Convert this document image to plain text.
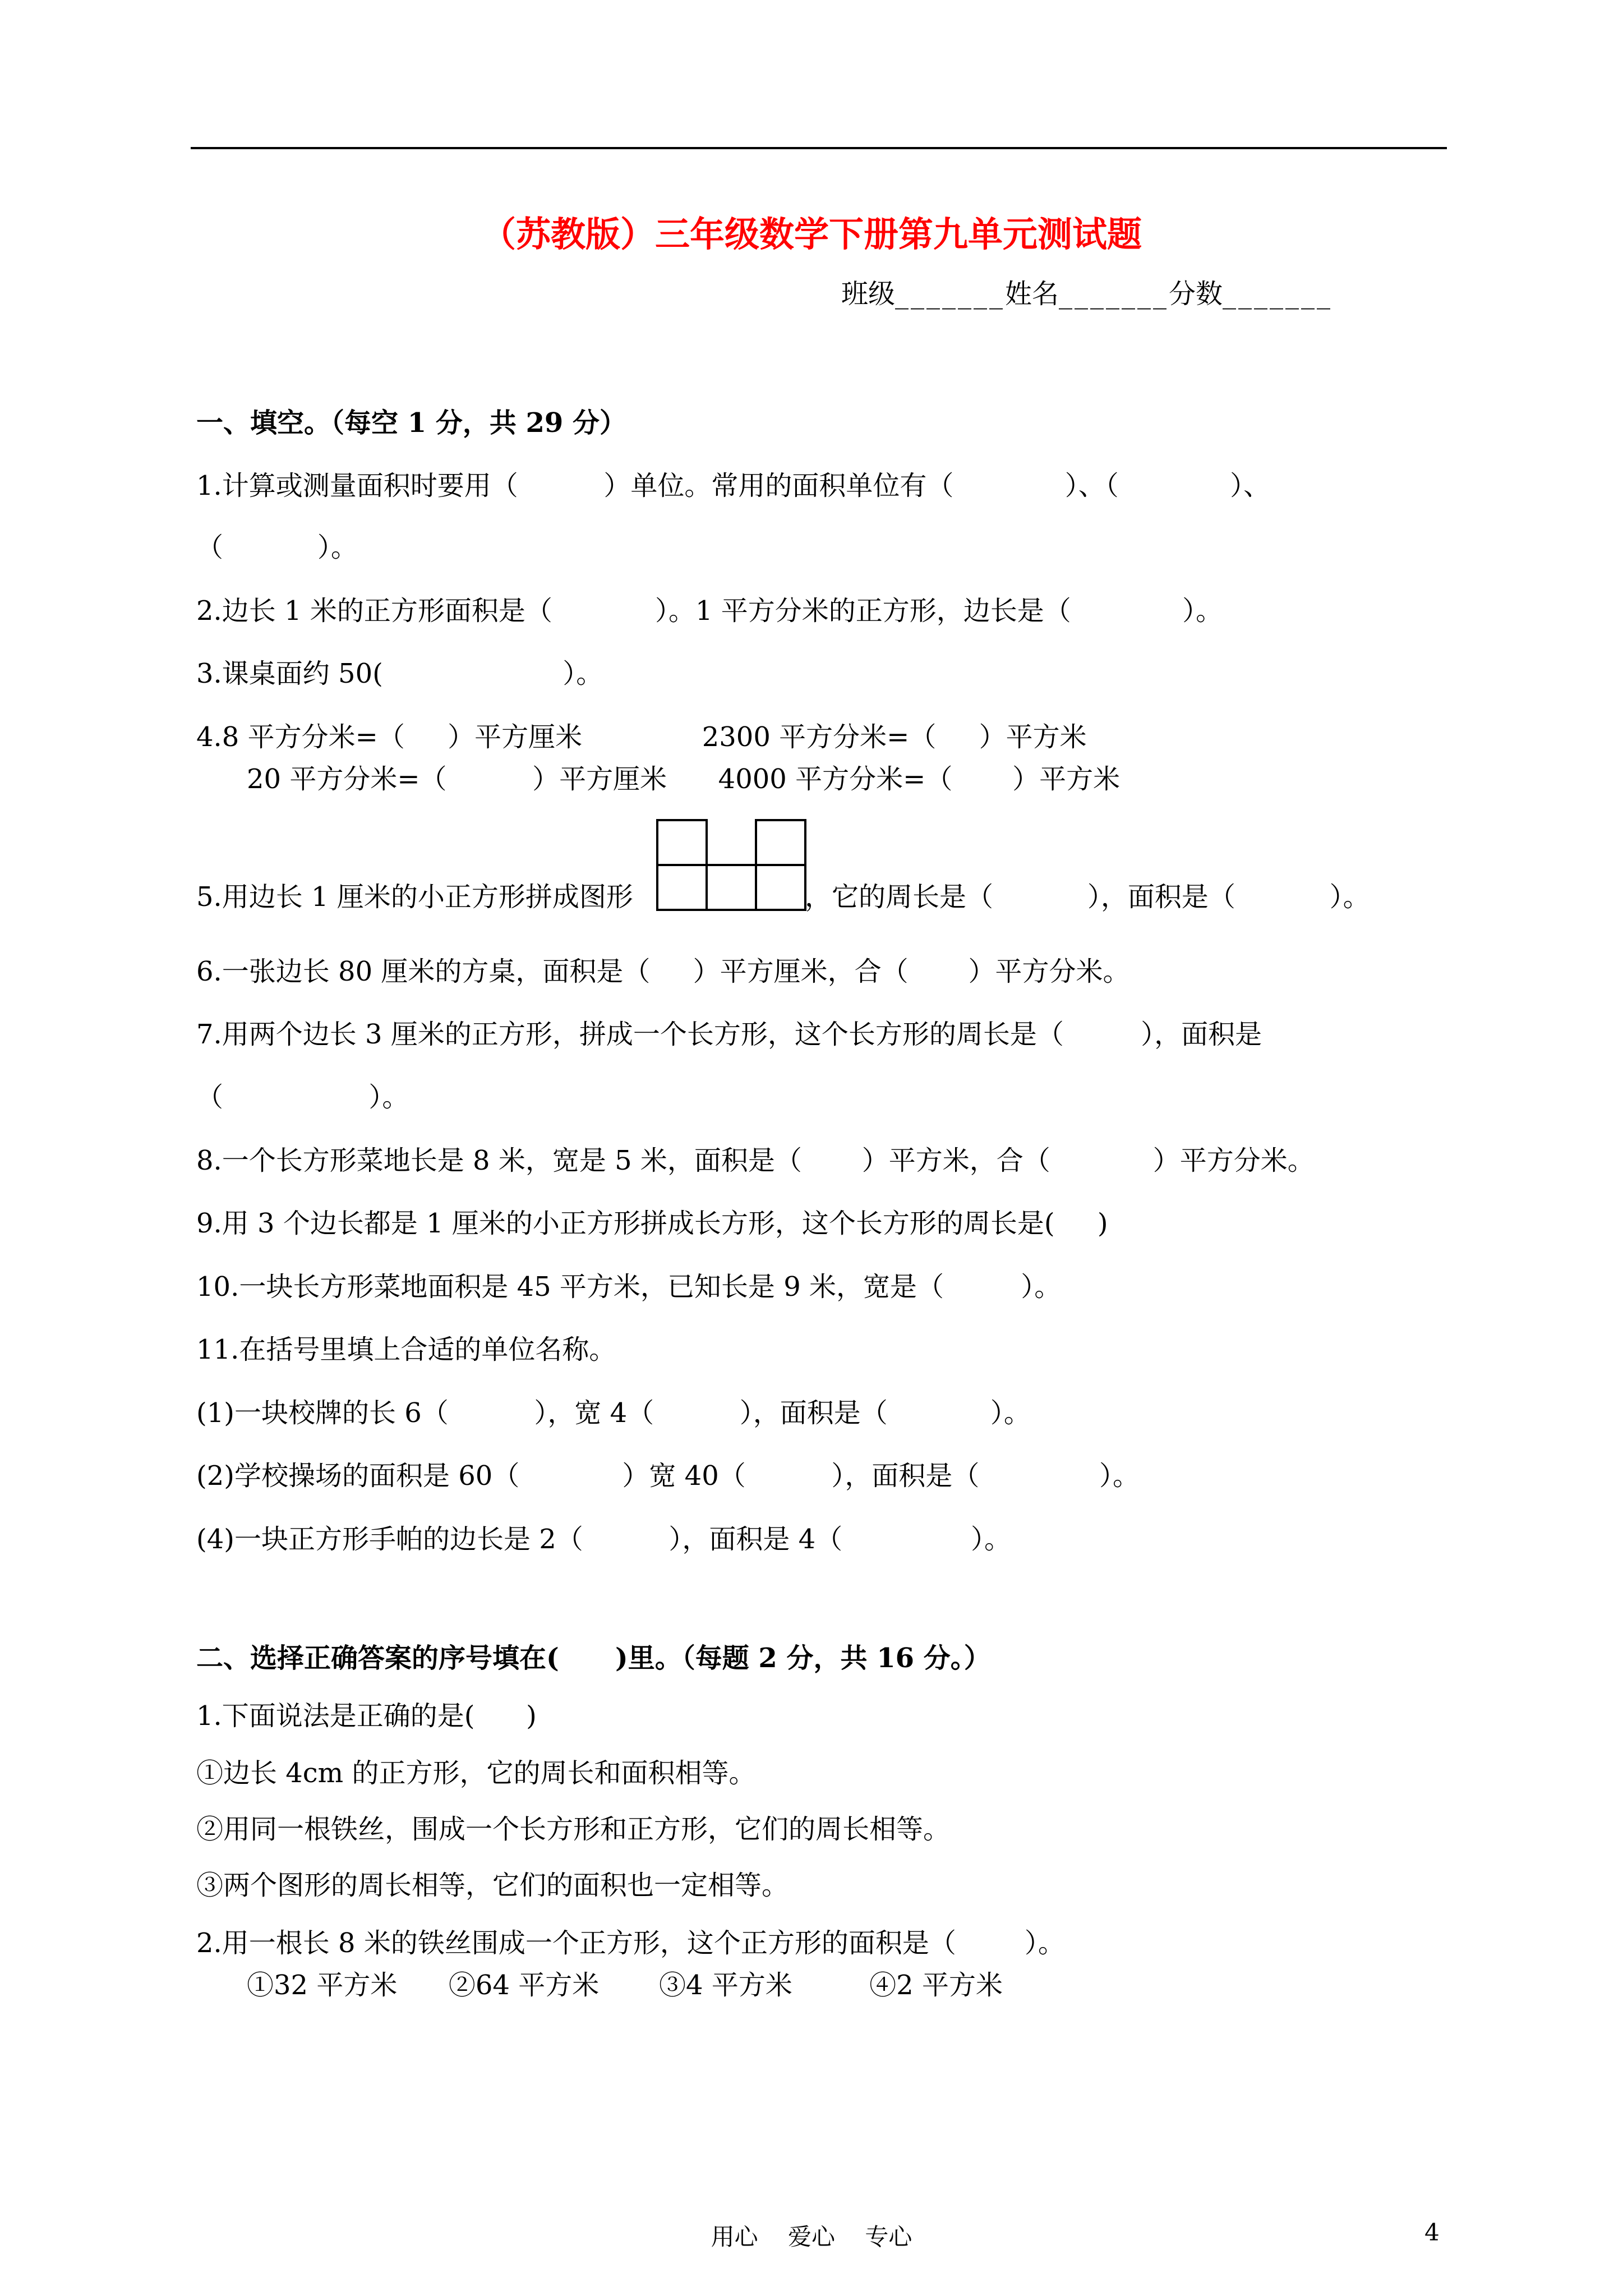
（苏教版）三年级数学下册第九单元测试题
班级_______姓名_______分数_______
一、填空。（每空 1 分，共 29 分）
1.计算或测量面积时要用（          ）单位。常用的面积单位有（             ）、（             ）、
（           ）。
2.边长 1 米的正方形面积是（            ）。1 平方分米的正方形，边长是（             ）。
3.课桌面约 50(                     ）。
4.8 平方分米=（     ）平方厘米              2300 平方分米=（     ）平方米
20 平方分米=（          ）平方厘米      4000 平方分米=（       ）平方米
5.用边长 1 厘米的小正方形拼成图形	，它的周长是（           ），面积是（           ）。
6.一张边长 80 厘米的方桌，面积是（     ）平方厘米，合（       ）平方分米。
7.用两个边长 3 厘米的正方形，拼成一个长方形，这个长方形的周长是（         ），面积是
（                 ）。
8.一个长方形菜地长是 8 米，宽是 5 米，面积是（       ）平方米，合（            ）平方分米。
9.用 3 个边长都是 1 厘米的小正方形拼成长方形，这个长方形的周长是(     )
10.一块长方形菜地面积是 45 平方米，已知长是 9 米，宽是（         ）。
11.在括号里填上合适的单位名称。
(1)一块校牌的长 6（          ），宽 4（          ），面积是（            ）。
(2)学校操场的面积是 60（            ）宽 40（          ），面积是（              ）。
(4)一块正方形手帕的边长是 2（          ），面积是 4（               ）。
二、选择正确答案的序号填在(      )里。（每题 2 分，共 16 分。）
1.下面说法是正确的是(      )
①边长 4cm 的正方形，它的周长和面积相等。
②用同一根铁丝，围成一个长方形和正方形，它们的周长相等。
③两个图形的周长相等，它们的面积也一定相等。
2.用一根长 8 米的铁丝围成一个正方形，这个正方形的面积是（        ）。
①32 平方米      ②64 平方米       ③4 平方米         ④2 平方米
用心    爱心    专心	4
